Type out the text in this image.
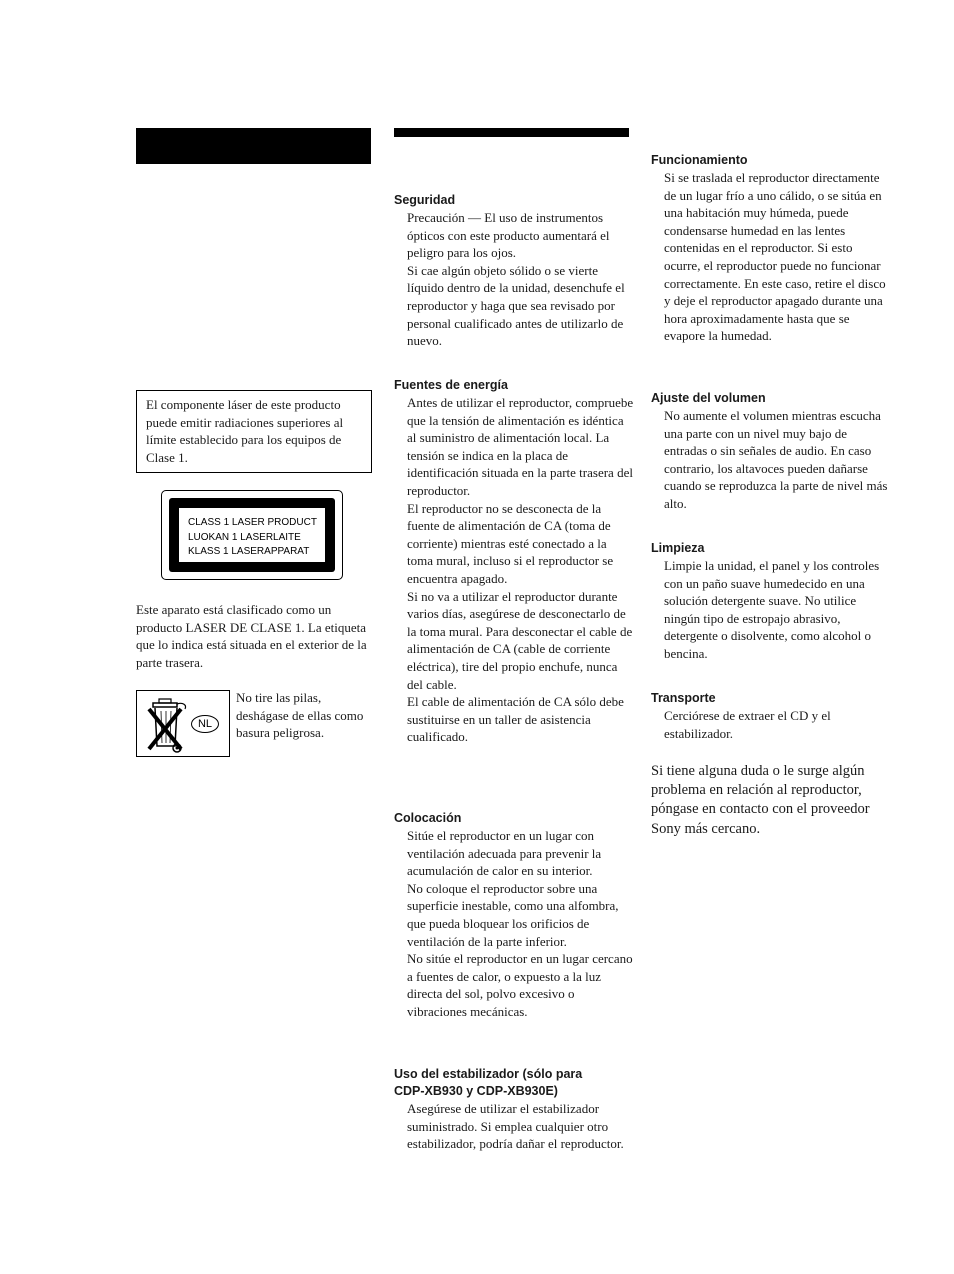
El componente láser de este producto puede emitir radiaciones superiores al límite establecido para los equipos de Clase 1.

CLASS 1 LASER PRODUCT

LUOKAN 1 LASERLAITE

KLASS 1 LASERAPPARAT

Este aparato está clasificado como un producto LASER DE CLASE 1. La etiqueta que lo indica está situada en el exterior de la parte trasera.

NL

No tire las pilas, deshágase de ellas como basura peligrosa.

Seguridad

Precaución — El uso de instrumentos ópticos con este producto aumentará el peligro para los ojos.

Si cae algún objeto sólido o se vierte líquido dentro de la unidad, desenchufe el reproductor y haga que sea revisado por personal cualificado antes de utilizarlo de nuevo.

Fuentes de energía

Antes de utilizar el reproductor, compruebe que la tensión de alimentación es idéntica al suministro de alimentación local. La tensión se indica en la placa de identificación situada en la parte trasera del reproductor.

El reproductor no se desconecta de la fuente de alimentación de CA (toma de corriente) mientras esté conectado a la toma mural, incluso si el reproductor se encuentra apagado.

Si no va a utilizar el reproductor durante varios días, asegúrese de desconectarlo de la toma mural. Para desconectar el cable de alimentación de CA (cable de corriente eléctrica), tire del propio enchufe, nunca del cable.

El cable de alimentación de CA sólo debe sustituirse en un taller de asistencia cualificado.

Colocación

Sitúe el reproductor en un lugar con ventilación adecuada para prevenir la acumulación de calor en su interior.

No coloque el reproductor sobre una superficie inestable, como una alfombra, que pueda bloquear los orificios de ventilación de la parte inferior.

No sitúe el reproductor en un lugar cercano a fuentes de calor, o expuesto a la luz directa del sol, polvo excesivo o vibraciones mecánicas.

Uso del estabilizador (sólo para

CDP-XB930 y CDP-XB930E)

Asegúrese de utilizar el estabilizador suministrado. Si emplea cualquier otro estabilizador, podría dañar el reproductor.

Funcionamiento

Si se traslada el reproductor directamente de un lugar frío a uno cálido, o se sitúa en una habitación muy húmeda, puede condensarse humedad en las lentes contenidas en el reproductor. Si esto ocurre, el reproductor puede no funcionar correctamente. En este caso, retire el disco y deje el reproductor apagado durante una hora aproximadamente hasta que se evapore la humedad.

Ajuste del volumen

No aumente el volumen mientras escucha una parte con un nivel muy bajo de entradas o sin señales de audio. En caso contrario, los altavoces pueden dañarse cuando se reproduzca la parte de nivel más alto.

Limpieza

Limpie la unidad, el panel y los controles con un paño suave humedecido en una solución detergente suave. No utilice ningún tipo de estropajo abrasivo, detergente o disolvente, como alcohol o bencina.

Transporte

Cerciórese de extraer el CD y el estabilizador.

Si tiene alguna duda o le surge algún problema en relación al reproductor, póngase en contacto con el proveedor Sony más cercano.
